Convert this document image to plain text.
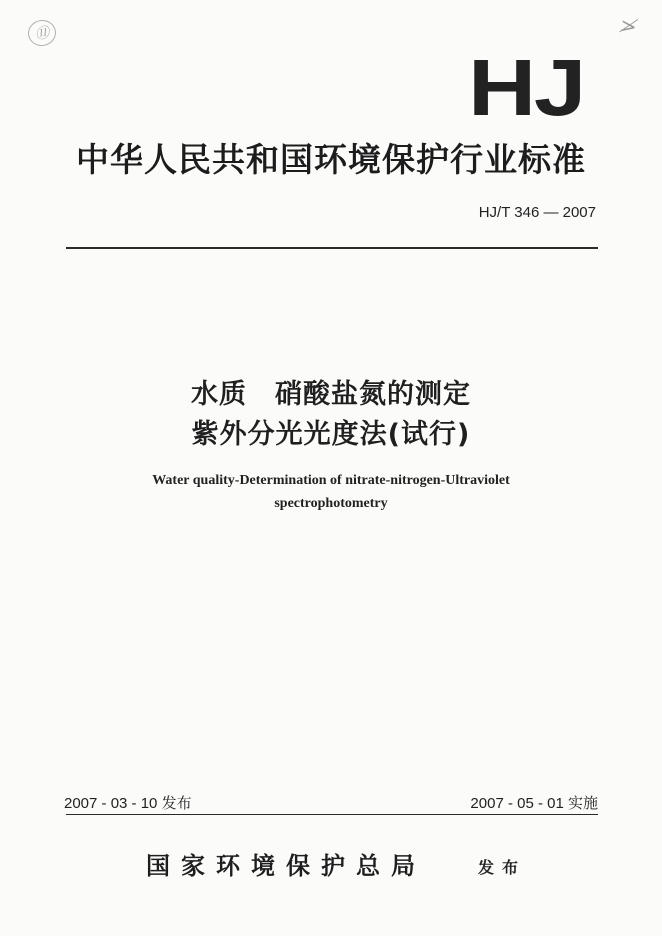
⑪	≯
HJ
中华人民共和国环境保护行业标准
HJ/T 346 — 2007
水质　硝酸盐氮的测定
紫外分光光度法(试行)
Water quality-Determination of nitrate-nitrogen-Ultraviolet
spectrophotometry
2007 - 03 - 10 发布	2007 - 05 - 01 实施
国家环境保护总局	发布
